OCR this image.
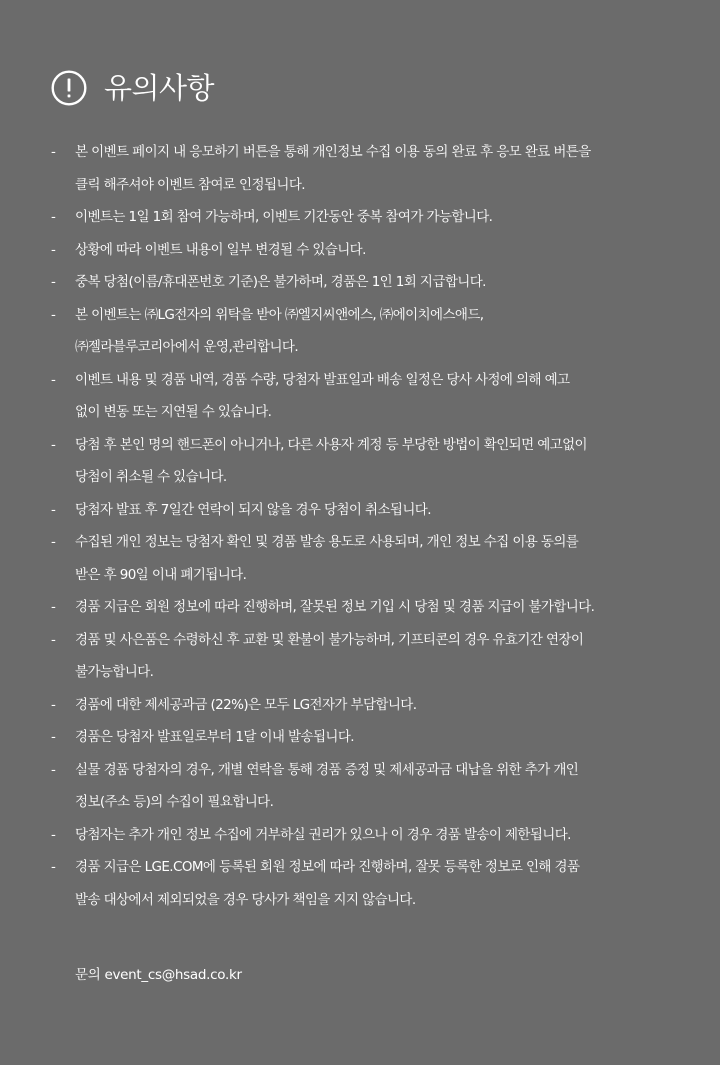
유의사항
- 본 이벤트 페이지 내 응모하기 버튼을 통해 개인정보 수집 이용 동의 완료 후 응모 완료 버튼을
클릭 해주셔야 이벤트 참여로 인정됩니다.
- 이벤트는 1일 1회 참여 가능하며, 이벤트 기간동안 중복 참여가 가능합니다.
- 상황에 따라 이벤트 내용이 일부 변경될 수 있습니다.
- 중복 당첨(이름/휴대폰번호 기준)은 불가하며, 경품은 1인 1회 지급합니다.
- 본 이벤트는 ㈜LG전자의 위탁을 받아 ㈜엘지씨앤에스, ㈜에이치에스애드,
㈜젤라블루코리아에서 운영,관리합니다.
- 이벤트 내용 및 경품 내역, 경품 수량, 당첨자 발표일과 배송 일정은 당사 사정에 의해 예고
없이 변동 또는 지연될 수 있습니다.
- 당첨 후 본인 명의 핸드폰이 아니거나, 다른 사용자 계정 등 부당한 방법이 확인되면 예고없이
당첨이 취소될 수 있습니다.
- 당첨자 발표 후 7일간 연락이 되지 않을 경우 당첨이 취소됩니다.
- 수집된 개인 정보는 당첨자 확인 및 경품 발송 용도로 사용되며, 개인 정보 수집 이용 동의를
받은 후 90일 이내 폐기됩니다.
- 경품 지급은 회원 정보에 따라 진행하며, 잘못된 정보 기입 시 당첨 및 경품 지급이 불가합니다.
- 경품 및 사은품은 수령하신 후 교환 및 환불이 불가능하며, 기프티콘의 경우 유효기간 연장이
불가능합니다.
- 경품에 대한 제세공과금 (22%)은 모두 LG전자가 부담합니다.
- 경품은 당첨자 발표일로부터 1달 이내 발송됩니다.
- 실물 경품 당첨자의 경우, 개별 연락을 통해 경품 증정 및 제세공과금 대납을 위한 추가 개인
정보(주소 등)의 수집이 필요합니다.
- 당첨자는 추가 개인 정보 수집에 거부하실 권리가 있으나 이 경우 경품 발송이 제한됩니다.
- 경품 지급은 LGE.COM에 등록된 회원 정보에 따라 진행하며, 잘못 등록한 정보로 인해 경품
발송 대상에서 제외되었을 경우 당사가 책임을 지지 않습니다.
문의 event_cs@hsad.co.kr
